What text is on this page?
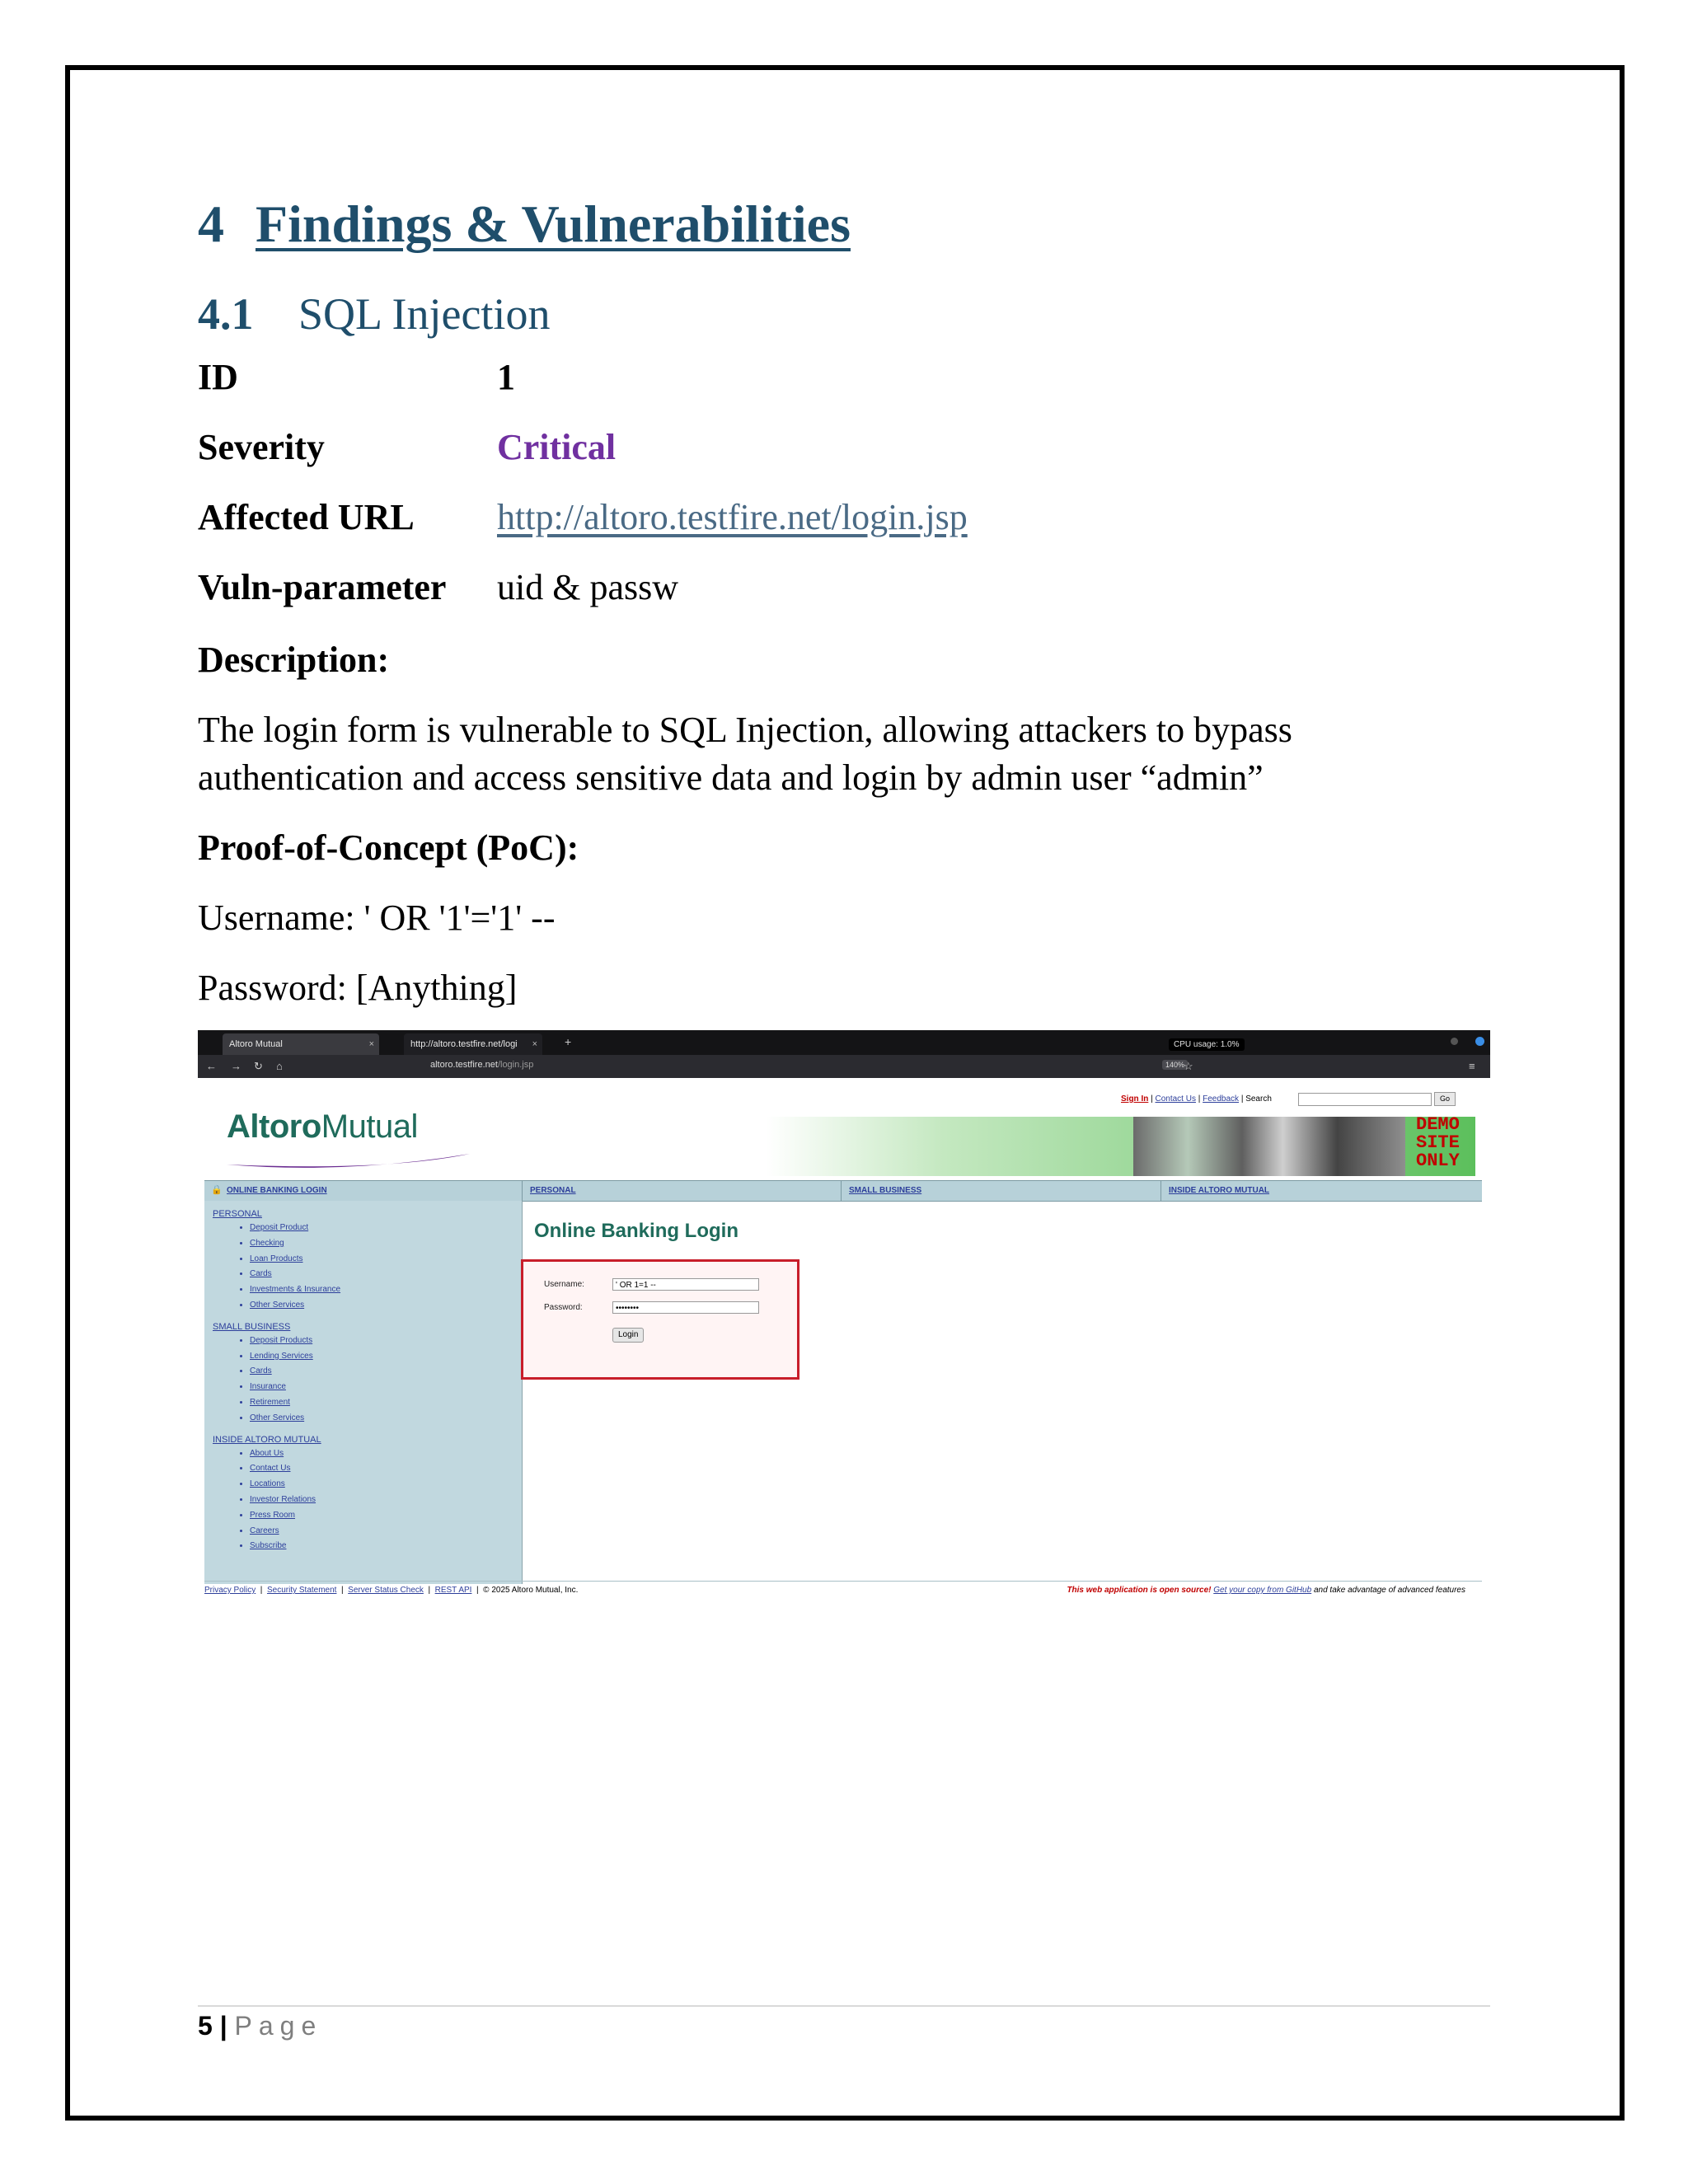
4 Findings & Vulnerabilities
4.1 SQL Injection
ID	1
Severity	Critical
Affected URL http://altoro.testfire.net/login.jsp
Vuln-parameter uid & passw
Description:
The login form is vulnerable to SQL Injection, allowing attackers to bypass
authentication and access sensitive data and login by admin user “admin”
Proof-of-Concept (PoC):
Username: ' OR '1'='1' --
Password: [Anything]
Altoro Mutual	×	http://altoro.testfire.net/logi × +	CPU usage: 1.0%
← → ↻ ⌂	altoro.testfire.net/login.jsp	140%
☆	≡
Sign In | Contact Us | Feedback | Search	Go
AltoroMutual	DEMO
SITE
ONLY
🔒 ONLINE BANKING LOGIN	PERSONAL	SMALL BUSINESS	INSIDE ALTORO MUTUAL
PERSONAL
• Deposit Product
• Checking
• Loan Products
• Cards
• Investments & Insurance
• Other Services
SMALL BUSINESS
• Deposit Products
• Lending Services
• Cards
• Insurance
• Retirement
• Other Services
INSIDE ALTORO MUTUAL
• About Us
• Contact Us
• Locations
• Investor Relations
• Press Room
• Careers
• Subscribe
Online Banking Login
Username:	' OR 1=1 --
Password:	••••••••
Login
Privacy Policy  |  Security Statement  |  Server Status Check  |  REST API  |  © 2025 Altoro Mutual, Inc.	This web application is open source! Get your copy from GitHub and take advantage of advanced features
5 | Page
